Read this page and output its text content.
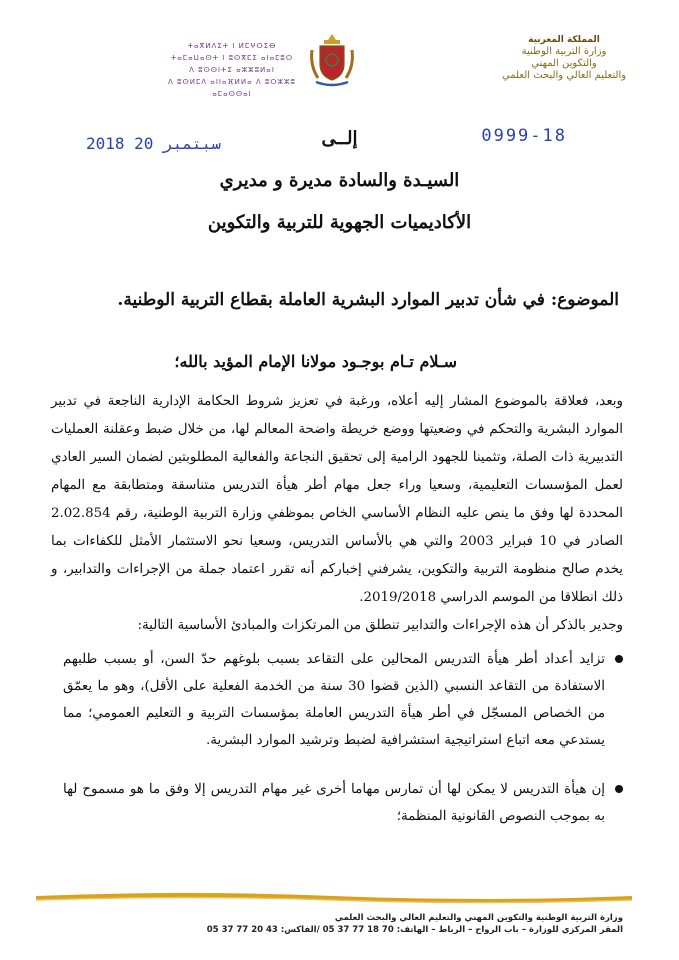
المملكة المغربية
وزارة التربية الوطنية
والتكوين المهني
والتعليم العالي والبحث العلمي
ⵜⴰⴳⵍⴷⵉⵜ ⵏ ⵍⵎⵖⵔⵉⴱ
ⵜⴰⵎⴰⵡⴰⵙⵜ ⵏ ⵓⵙⴳⵎⵉ ⴰⵏⴰⵎⵓⵔ
ⴷ ⵓⵙⵙⵏⵜⵉ ⴰⵣⵣⵓⵍⴰⵏ
ⴷ ⵓⵙⵍⵎⴷ ⴰⵏⵏⴰⴼⵍⵍⴰ ⴷ ⵓⵔⵣⵣⵓ ⴰⵎⴰⵙⵙⴰⵏ
0999-18
2018 سبتمبر 20	إلــى
السيـدة والسادة مديرة و مديري
الأكاديميات الجهوية للتربية والتكوين
الموضوع: في شأن تدبير الموارد البشرية العاملة بقطاع التربية الوطنية.
سـلام تـام بوجـود مولانا الإمام المؤيد بالله؛
وبعد، فعلاقة بالموضوع المشار إليه أعلاه، ورغبة في تعزيز شروط الحكامة الإدارية الناجعة في تدبير الموارد البشرية والتحكم في وضعيتها ووضع خريطة واضحة المعالم لها، من خلال ضبط وعقلنة العمليات التدبيرية ذات الصلة، وتثمينا للجهود الرامية إلى تحقيق النجاعة والفعالية المطلوبتين لضمان السير العادي لعمل المؤسسات التعليمية، وسعيا وراء جعل مهام أطر هيأة التدريس متناسقة ومتطابقة مع المهام المحددة لها وفق ما ينص عليه النظام الأساسي الخاص بموظفي وزارة التربية الوطنية، رقم 2.02.854 الصادر في 10 فبراير 2003 والتي هي بالأساس التدريس، وسعيا نحو الاستثمار الأمثل للكفاءات بما يخدم صالح منظومة التربية والتكوين، يشرفني إخباركم أنه تقرر اعتماد جملة من الإجراءات والتدابير، و ذلك انطلاقا من الموسم الدراسي 2019/2018.
وجدير بالذكر أن هذه الإجراءات والتدابير تنطلق من المرتكزات والمبادئ الأساسية التالية:
تزايد أعداد أطر هيأة التدريس المحالين على التقاعد بسبب بلوغهم حدّ السن، أو بسبب طلبهم الاستفادة من التقاعد النسبي (الذين قضوا 30 سنة من الخدمة الفعلية على الأقل)، وهو ما يعمّق من الخصاص المسجّل في أطر هيأة التدريس العاملة بمؤسسات التربية و التعليم العمومي؛ مما يستدعي معه اتباع استراتيجية استشرافية لضبط وترشيد الموارد البشرية.
إن هيأة التدريس لا يمكن لها أن تمارس مهاما أخرى غير مهام التدريس إلا وفق ما هو مسموح لها به بموجب النصوص القانونية المنظمة؛
وزارة التربية الوطنية والتكوين المهني والتعليم العالي والبحث العلمي
المقر المركزي للوزارة – باب الرواح – الرباط – الهاتف: 70 18 77 37 05 /الفاكس: 43 20 77 37 05
